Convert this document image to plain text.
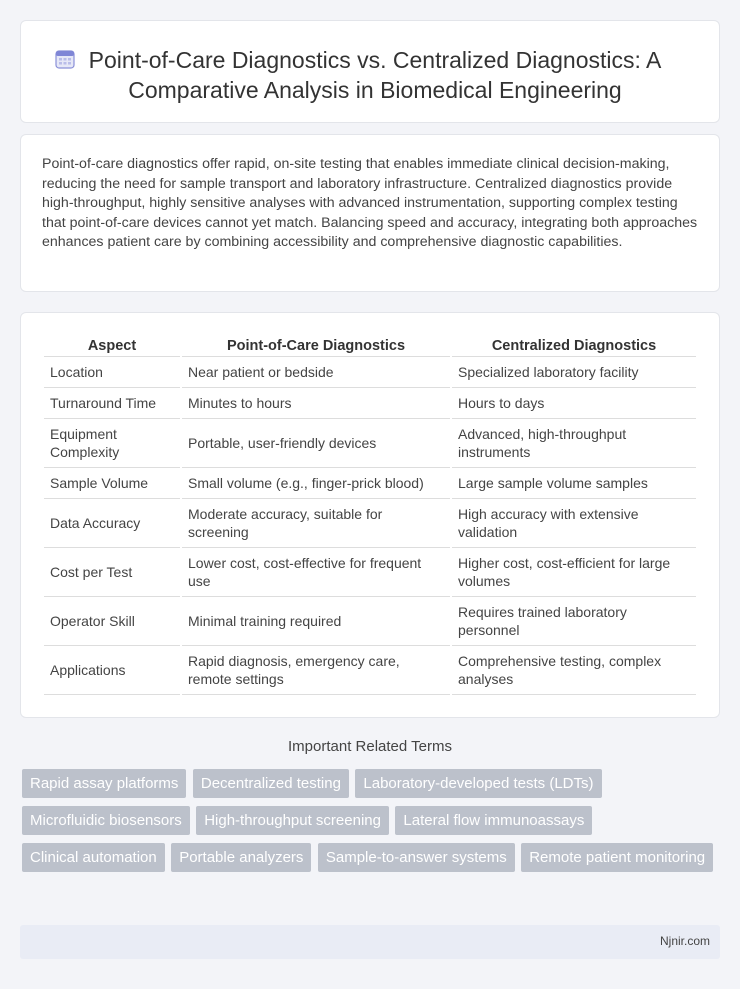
Point-of-Care Diagnostics vs. Centralized Diagnostics: A Comparative Analysis in Biomedical Engineering

Point-of-care diagnostics offer rapid, on-site testing that enables immediate clinical decision-making, reducing the need for sample transport and laboratory infrastructure. Centralized diagnostics provide high-throughput, highly sensitive analyses with advanced instrumentation, supporting complex testing that point-of-care devices cannot yet match. Balancing speed and accuracy, integrating both approaches enhances patient care by combining accessibility and comprehensive diagnostic capabilities.

Aspect	Point-of-Care Diagnostics	Centralized Diagnostics
Location	Near patient or bedside	Specialized laboratory facility
Turnaround Time	Minutes to hours	Hours to days
Equipment Complexity	Portable, user-friendly devices	Advanced, high-throughput instruments
Sample Volume	Small volume (e.g., finger-prick blood)	Large sample volume samples
Data Accuracy	Moderate accuracy, suitable for screening	High accuracy with extensive validation
Cost per Test	Lower cost, cost-effective for frequent use	Higher cost, cost-efficient for large volumes
Operator Skill	Minimal training required	Requires trained laboratory personnel
Applications	Rapid diagnosis, emergency care, remote settings	Comprehensive testing, complex analyses
Important Related Terms
Rapid assay platforms Decentralized testing Laboratory-developed tests (LDTs) Microfluidic biosensors High-throughput screening Lateral flow immunoassays Clinical automation Portable analyzers Sample-to-answer systems Remote patient monitoring
Njnir.com
